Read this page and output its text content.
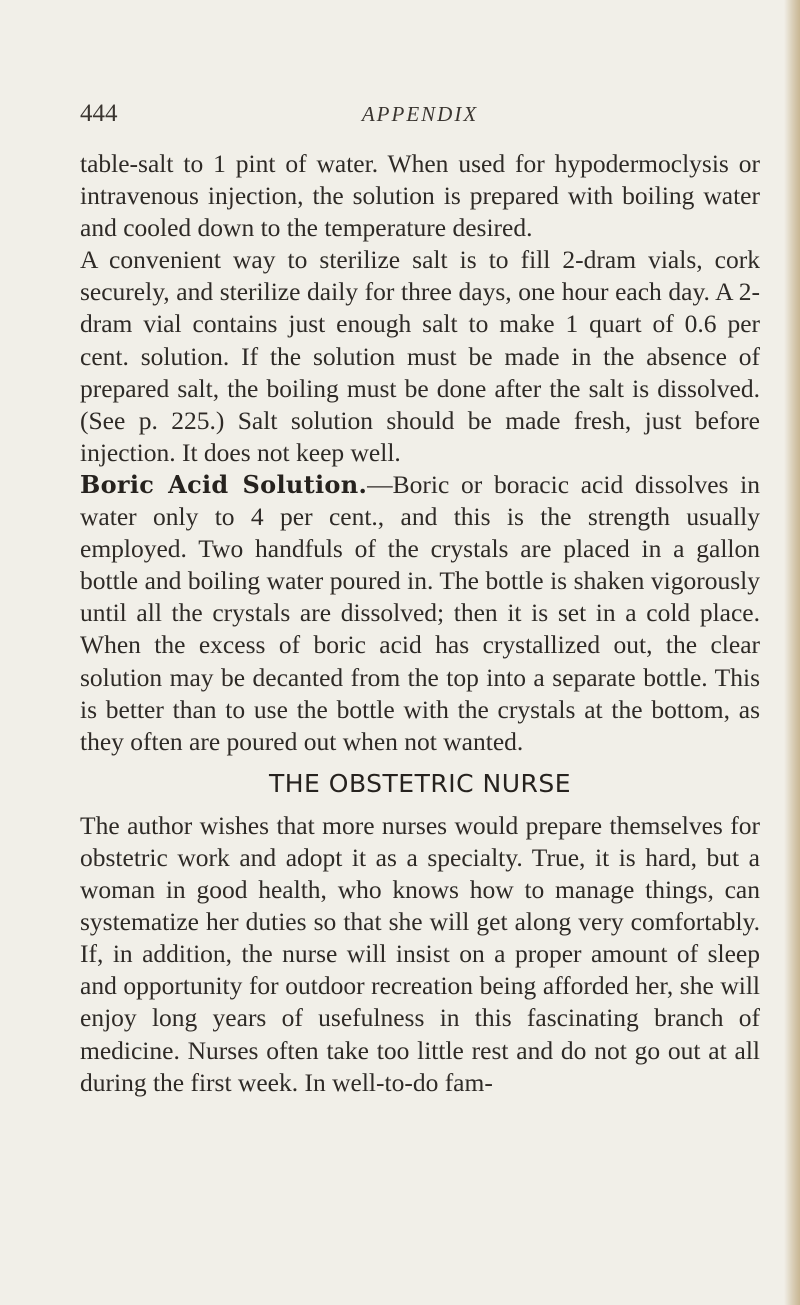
444	APPENDIX

table-salt to 1 pint of water. When used for hypodermoclysis or intravenous injection, the solution is prepared with boiling water and cooled down to the temperature desired.

A convenient way to sterilize salt is to fill 2-dram vials, cork securely, and sterilize daily for three days, one hour each day. A 2-dram vial contains just enough salt to make 1 quart of 0.6 per cent. solution. If the solution must be made in the absence of prepared salt, the boiling must be done after the salt is dissolved. (See p. 225.) Salt solution should be made fresh, just before injection. It does not keep well.

Boric Acid Solution.—Boric or boracic acid dissolves in water only to 4 per cent., and this is the strength usually employed. Two handfuls of the crystals are placed in a gallon bottle and boiling water poured in. The bottle is shaken vigorously until all the crystals are dissolved; then it is set in a cold place. When the excess of boric acid has crystallized out, the clear solution may be decanted from the top into a separate bottle. This is better than to use the bottle with the crystals at the bottom, as they often are poured out when not wanted.

THE OBSTETRIC NURSE

The author wishes that more nurses would prepare themselves for obstetric work and adopt it as a specialty. True, it is hard, but a woman in good health, who knows how to manage things, can systematize her duties so that she will get along very comfortably. If, in addition, the nurse will insist on a proper amount of sleep and opportunity for outdoor recreation being afforded her, she will enjoy long years of usefulness in this fascinating branch of medicine. Nurses often take too little rest and do not go out at all during the first week. In well-to-do fam-
